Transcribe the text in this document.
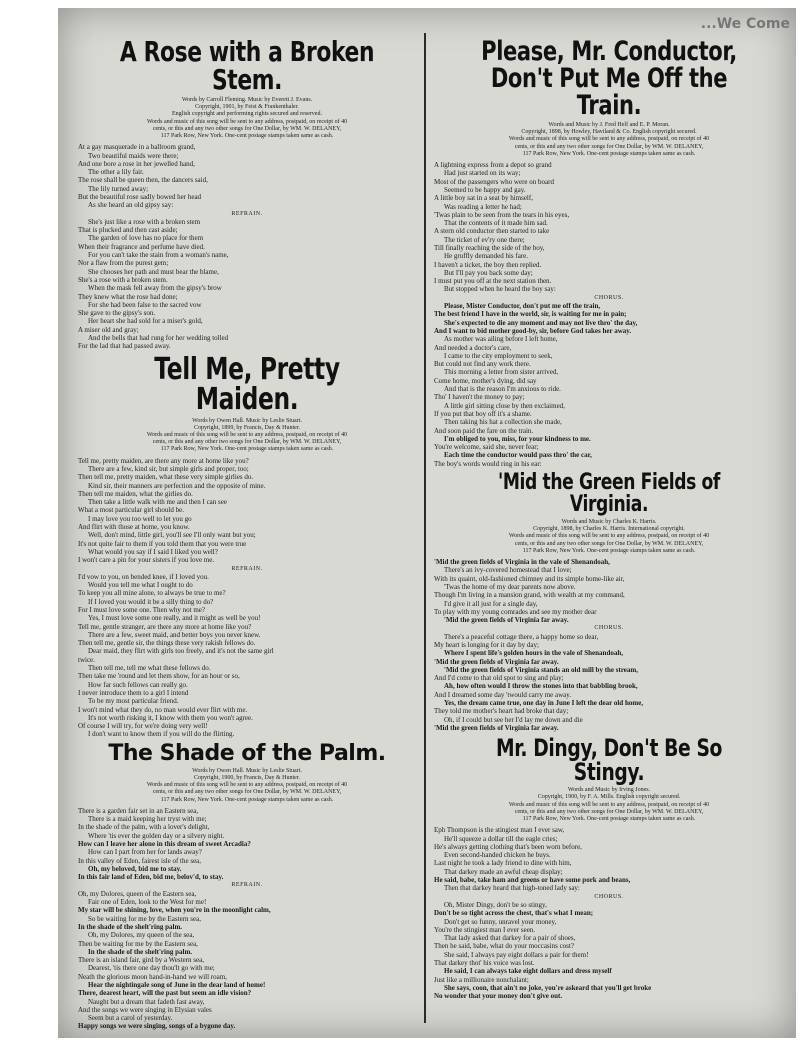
...We Come
A Rose with a Broken Stem.
Words by Carroll Fleming. Music by Everett J. Evans.
Copyright, 1901, by Feist & Frankenthaler.
English copyright and performing rights secured and reserved.
Words and music of this song will be sent to any address, postpaid, on receipt of 40
cents, or this and any two other songs for One Dollar, by WM. W. DELANEY,
117 Park Row, New York. One-cent postage stamps taken same as cash.
At a gay masquerade in a ballroom grand,
Two beautiful maids were there;
And one bore a rose in her jewelled hand,
The other a lily fair.
The rose shall be queen then, the dancers said,
The lily turned away;
But the beautiful rose sadly bowed her head
As she heard an old gipsy say:
REFRAIN.
She's just like a rose with a broken stem
That is plucked and then cast aside;
The garden of love has no place for them
When their fragrance and perfume have died.
For you can't take the stain from a woman's name,
Nor a flaw from the purest gem;
She chooses her path and must bear the blame,
She's a rose with a broken stem.
When the mask fell away from the gipsy's brow
They knew what the rose had done;
For she had been false to the sacred vow
She gave to the gipsy's son.
Her heart she had sold for a miser's gold,
A miser old and gray;
And the bells that had rung for her wedding tolled
For the lad that had passed away.
Tell Me, Pretty Maiden.
Words by Owen Hall. Music by Leslie Stuart.
Copyright, 1899, by Francis, Day & Hunter.
Words and music of this song will be sent to any address, postpaid, on receipt of 40
cents, or this and any other two songs for One Dollar, by WM. W. DELANEY,
117 Park Row, New York. One-cent postage stamps taken same as cash.
Tell me, pretty maiden, are there any more at home like you?
There are a few, kind sir, but simple girls and proper, too;
Then tell me, pretty maiden, what these very simple girlies do.
Kind sir, their manners are perfection and the opposite of mine.
Then tell me maiden, what the girlies do.
Then take a little walk with me and then I can see
What a most particular girl should be.
I may love you too well to let you go
And flirt with those at home, you know.
Well, don't mind, little girl, you'll see I'll only want but you;
It's not quite fair to them if you told them that you were true
What would you say if I said I liked you well?
I won't care a pin for your sisters if you love me.
REFRAIN.
I'd vow to you, on bended knee, if I loved you.
Would you tell me what I ought to do
To keep you all mine alone, to always be true to me?
If I loved you would it be a silly thing to do?
For I must love some one. Then why not me?
Yes, I must love some one really, and it might as well be you!
Tell me, gentle stranger, are there any more at home like you?
There are a few, sweet maid, and better boys you never knew.
Then tell me, gentle sir, the things these very rakish fellows do.
Dear maid, they flirt with girls too freely, and it's not the same girl
twice.
Then tell me, tell me what these fellows do.
Then take me 'round and let them show, for an hour or so,
How far such fellows can really go.
I never introduce them to a girl I intend
To be my most particular friend.
I won't mind what they do, no man would ever flirt with me.
It's not worth risking it, I know with them you won't agree.
Of course I will try, for we're doing very well!
I don't want to know them if you will do the flirting.
The Shade of the Palm.
Words by Owen Hall. Music by Leslie Stuart.
Copyright, 1900, by Francis, Day & Hunter.
Words and music of this song will be sent to any address, postpaid, on receipt of 40
cents, or this and any two other songs for One Dollar, by WM. W. DELANEY,
117 Park Row, New York. One-cent postage stamps taken same as cash.
There is a garden fair set in an Eastern sea,
There is a maid keeping her tryst with me;
In the shade of the palm, with a lover's delight,
Where 'tis ever the golden day or a silvery night.
How can I leave her alone in this dream of sweet Arcadia?
How can I part from her for lands away?
In this valley of Eden, fairest isle of the sea,
Oh, my beloved, bid me to stay.
In this fair land of Eden, bid me, belov'd, to stay.
REFRAIN.
Oh, my Dolores, queen of the Eastern sea,
Fair one of Eden, look to the West for me!
My star will be shining, love, when you're in the moonlight calm,
So be waiting for me by the Eastern sea,
In the shade of the shelt'ring palm.
Oh, my Dolores, my queen of the sea,
Then be waiting for me by the Eastern sea,
In the shade of the shelt'ring palm.
There is an island fair, gird by a Western sea,
Dearest, 'tis there one day thou'lt go with me;
Neath the glorious moon hand-in-hand we will roam,
Hear the nightingale song of June in the dear land of home!
There, dearest heart, will the past but seem an idle vision?
Naught but a dream that fadeth fast away,
And the songs we were singing in Elysian vales
Seem but a carol of yesterday.
Happy songs we were singing, songs of a bygone day.
Please, Mr. Conductor, Don't Put Me Off the Train.
Words and Music by J. Fred Helf and E. P. Moran.
Copyright, 1898, by Howley, Haviland & Co. English copyright secured.
Words and music of this song will be sent to any address, postpaid, on receipt of 40
cents, or this and any two other songs for One Dollar, by WM. W. DELANEY,
117 Park Row, New York. One-cent postage stamps taken same as cash.
A lightning express from a depot so grand
Had just started on its way;
Most of the passengers who were on board
Seemed to be happy and gay.
A little boy sat in a seat by himself,
Was reading a letter he had;
'Twas plain to be seen from the tears in his eyes,
That the contents of it made him sad.
A stern old conductor then started to take
The ticket of ev'ry one there;
Till finally reaching the side of the boy,
He gruffly demanded his fare.
I haven't a ticket, the boy then replied.
But I'll pay you back some day;
I must put you off at the next station then.
But stopped when he heard the boy say:
CHORUS.
Please, Mister Conductor, don't put me off the train,
The best friend I have in the world, sir, is waiting for me in pain;
She's expected to die any moment and may not live thro' the day,
And I want to bid mother good-by, sir, before God takes her away.
As mother was ailing before I left home,
And needed a doctor's care,
I came to the city employment to seek,
But could not find any work there.
This morning a letter from sister arrived,
Come home, mother's dying, did say
And that is the reason I'm anxious to ride.
Tho' I haven't the money to pay;
A little girl sitting close by then exclaimed,
If you put that boy off it's a shame.
Then taking his hat a collection she made,
And soon paid the fare on the train.
I'm obliged to you, miss, for your kindness to me.
You're welcome, said she, never fear;
Each time the conductor would pass thro' the car,
The boy's words would ring in his ear:
'Mid the Green Fields of Virginia.
Words and Music by Charles K. Harris.
Copyright, 1898, by Charles K. Harris. International copyright.
Words and music of this song will be sent to any address, postpaid, on receipt of 40
cents, or this and any two other songs for One Dollar, by WM. W. DELANEY,
117 Park Row, New York. One-cent postage stamps taken same as cash.
'Mid the green fields of Virginia in the vale of Shenandoah,
There's an ivy-covered homestead that I love;
With its quaint, old-fashioned chimney and its simple home-like air,
'Twas the home of my dear parents now above.
Though I'm living in a mansion grand, with wealth at my command,
I'd give it all just for a single day,
To play with my young comrades and see my mother dear
'Mid the green fields of Virginia far away.
CHORUS.
There's a peaceful cottage there, a happy home so dear,
My heart is longing for it day by day;
Where I spent life's golden hours in the vale of Shenandoah,
'Mid the green fields of Virginia far away.
'Mid the green fields of Virginia stands an old mill by the stream,
And I'd come to that old spot to sing and play;
Ah, how often would I throw the stones into that babbling brook,
And I dreamed some day 'twould carry me away.
Yes, the dream came true, one day in June I left the dear old home,
They told me mother's heart had broke that day;
Oh, if I could but see her I'd lay me down and die
'Mid the green fields of Virginia far away.
Mr. Dingy, Don't Be So Stingy.
Words and Music by Irving Jones.
Copyright, 1900, by F. A. Mills. English copyright secured.
Words and music of this song will be sent to any address, postpaid, on receipt of 40
cents, or this and any two other songs for One Dollar, by WM. W. DELANEY,
117 Park Row, New York. One-cent postage stamps taken same as cash.
Eph Thompson is the stingiest man I ever saw,
He'll squeeze a dollar till the eagle cries;
He's always getting clothing that's been worn before,
Even second-handed chicken he buys.
Last night he took a lady friend to dine with him,
That darkey made an awful cheap display;
He said, babe, take ham and greens or have some pork and beans,
Then that darkey heard that high-toned lady say:
CHORUS.
Oh, Mister Dingy, don't be so stingy,
Don't be so tight across the chest, that's what I mean;
Don't get so funny, unravel your money,
You're the stingiest man I ever seen.
That lady asked that darkey for a pair of shoes,
Then he said, babe, what do your moccasins cost?
She said, I always pay eight dollars a pair for them!
That darkey thot' his voice was lost.
He said, I can always take eight dollars and dress myself
Just like a millionaire nonchalant;
She says, coon, that ain't no joke, you're askeard that you'll get broke
No wonder that your money don't give out.
